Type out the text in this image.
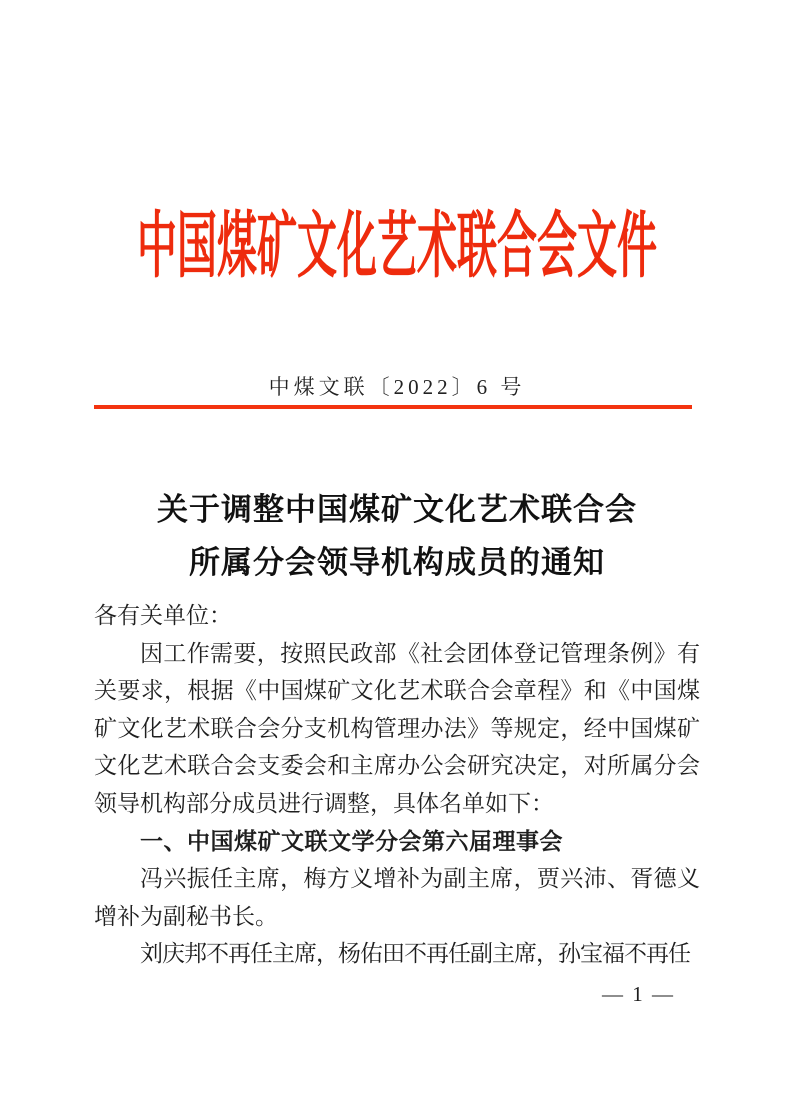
中国煤矿文化艺术联合会文件
中煤文联〔2022〕6 号
关于调整中国煤矿文化艺术联合会
所属分会领导机构成员的通知

各有关单位：

因工作需要，按照民政部《社会团体登记管理条例》有关要求，根据《中国煤矿文化艺术联合会章程》和《中国煤矿文化艺术联合会分支机构管理办法》等规定，经中国煤矿文化艺术联合会支委会和主席办公会研究决定，对所属分会领导机构部分成员进行调整，具体名单如下：

一、中国煤矿文联文学分会第六届理事会

冯兴振任主席，梅方义增补为副主席，贾兴沛、胥德义增补为副秘书长。

刘庆邦不再任主席，杨佑田不再任副主席，孙宝福不再任

— 1 —
